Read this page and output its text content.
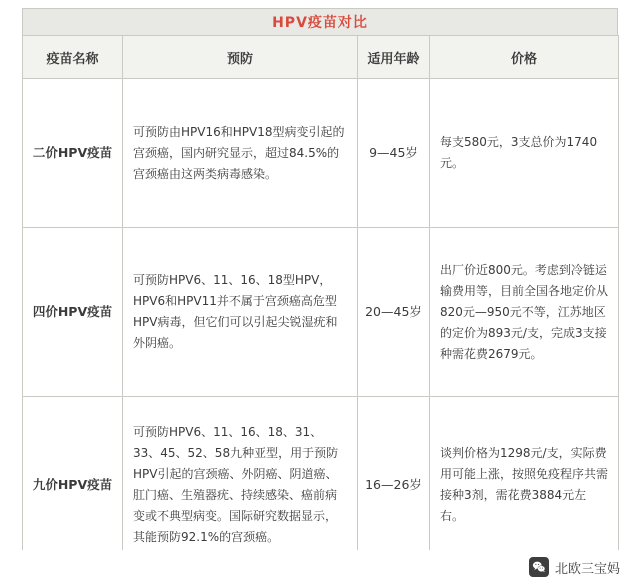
HPV疫苗对比
疫苗名称	预防	适用年龄	价格
二价HPV疫苗	可预防由HPV16和HPV18型病变引起的宫颈癌，国内研究显示，超过84.5%的宫颈癌由这两类病毒感染。	9—45岁	每支580元，3支总价为1740元。
四价HPV疫苗	可预防HPV6、11、16、18型HPV，HPV6和HPV11并不属于宫颈癌高危型HPV病毒，但它们可以引起尖锐湿疣和外阴癌。	20—45岁	出厂价近800元。考虑到冷链运输费用等，目前全国各地定价从820元—950元不等，江苏地区的定价为893元/支，完成3支接种需花费2679元。
九价HPV疫苗	可预防HPV6、11、16、18、31、33、45、52、58九种亚型，用于预防HPV引起的宫颈癌、外阴癌、阴道癌、肛门癌、生殖器疣、持续感染、癌前病变或不典型病变。国际研究数据显示，其能预防92.1%的宫颈癌。	16—26岁	谈判价格为1298元/支，实际费用可能上涨，按照免疫程序共需接种3剂，需花费3884元左右。
北欧三宝妈
